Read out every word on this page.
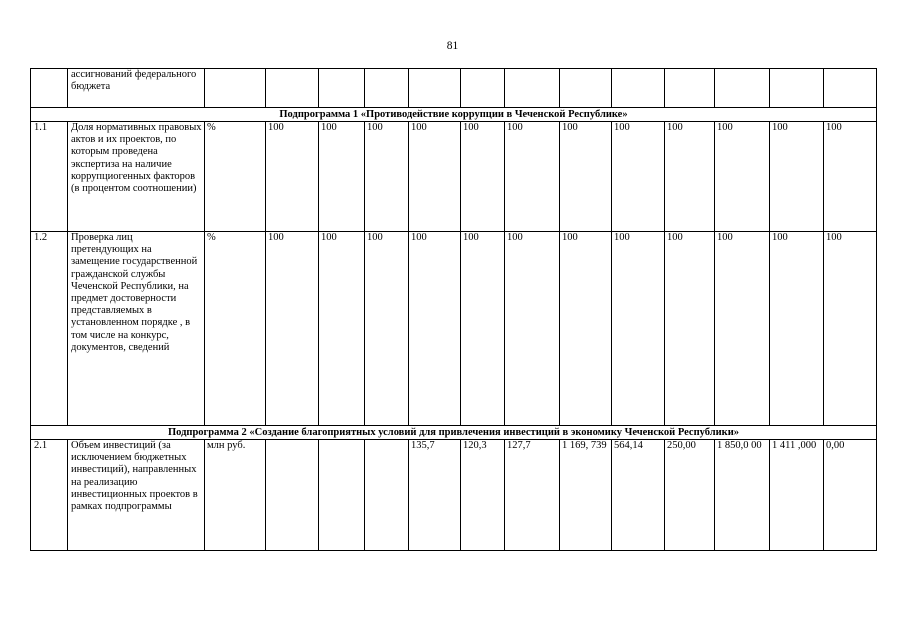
81
	ассигнований федерального бюджета													
Подпрограмма 1 «Противодействие коррупции в Чеченской Республике»														
1.1	Доля нормативных правовых актов и их проектов, по которым проведена экспертиза на наличие коррупциогенных факторов (в процентом соотношении)	%	100	100	100	100	100	100	100	100	100	100	100	100
1.2	Проверка лиц претендующих на замещение государственной гражданской службы Чеченской Республики, на предмет достоверности представляемых в установленном порядке , в том числе на конкурс, документов, сведений	%	100	100	100	100	100	100	100	100	100	100	100	100
Подпрограмма 2 «Создание благоприятных условий для привлечения инвестиций в экономику Чеченской Республики»														
2.1	Объем инвестиций (за исключением бюджетных инвестиций), направленных на реализацию инвестиционных проектов в рамках подпрограммы	млн руб.				135,7	120,3	127,7	1 169, 739	564,14	250,00	1 850,0 00	1 411 ,000	0,00
